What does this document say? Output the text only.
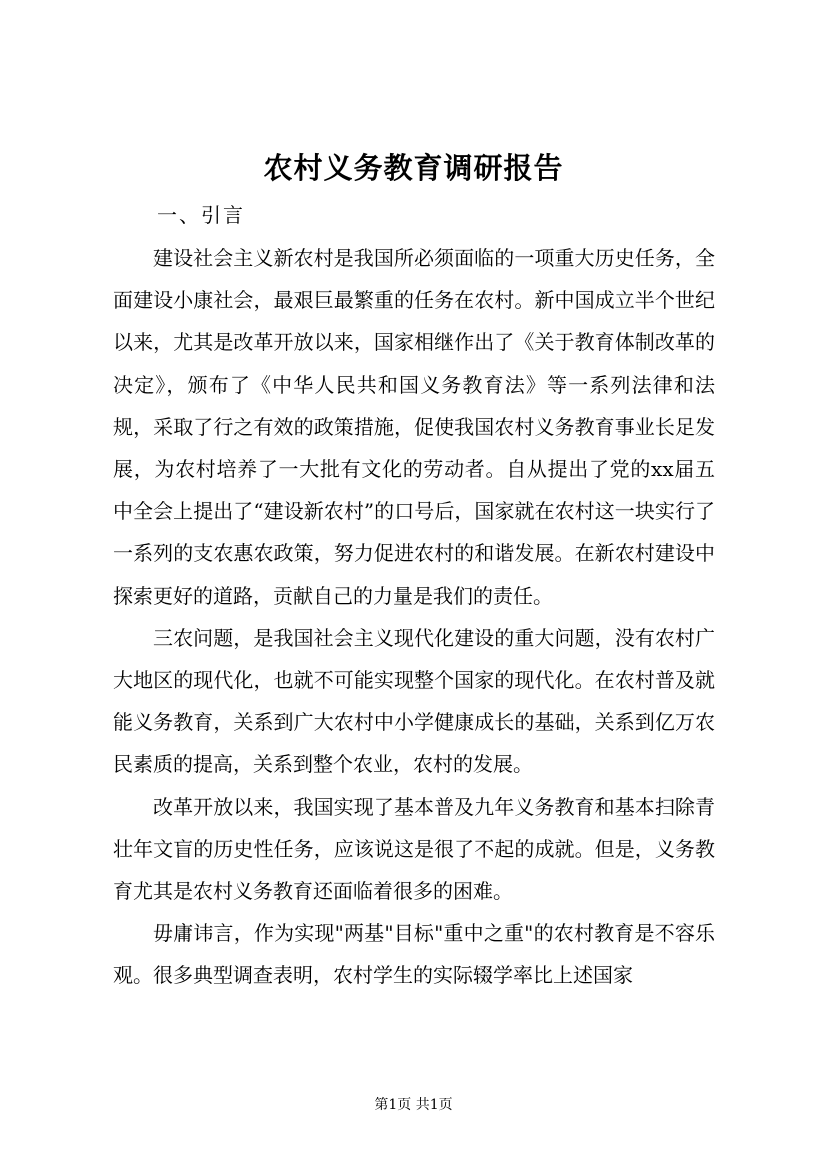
农村义务教育调研报告
一、引言

建设社会主义新农村是我国所必须面临的一项重大历史任务，全面建设小康社会，最艰巨最繁重的任务在农村。新中国成立半个世纪以来，尤其是改革开放以来，国家相继作出了《关于教育体制改革的决定》，颁布了《中华人民共和国义务教育法》等一系列法律和法规，采取了行之有效的政策措施，促使我国农村义务教育事业长足发展，为农村培养了一大批有文化的劳动者。自从提出了党的xx届五中全会上提出了“建设新农村”的口号后，国家就在农村这一块实行了一系列的支农惠农政策，努力促进农村的和谐发展。在新农村建设中探索更好的道路，贡献自己的力量是我们的责任。

三农问题，是我国社会主义现代化建设的重大问题，没有农村广大地区的现代化，也就不可能实现整个国家的现代化。在农村普及就能义务教育，关系到广大农村中小学健康成长的基础，关系到亿万农民素质的提高，关系到整个农业，农村的发展。

改革开放以来，我国实现了基本普及九年义务教育和基本扫除青壮年文盲的历史性任务，应该说这是很了不起的成就。但是，义务教育尤其是农村义务教育还面临着很多的困难。

毋庸讳言，作为实现"两基"目标"重中之重"的农村教育是不容乐观。很多典型调查表明，农村学生的实际辍学率比上述国家

第1页 共1页
